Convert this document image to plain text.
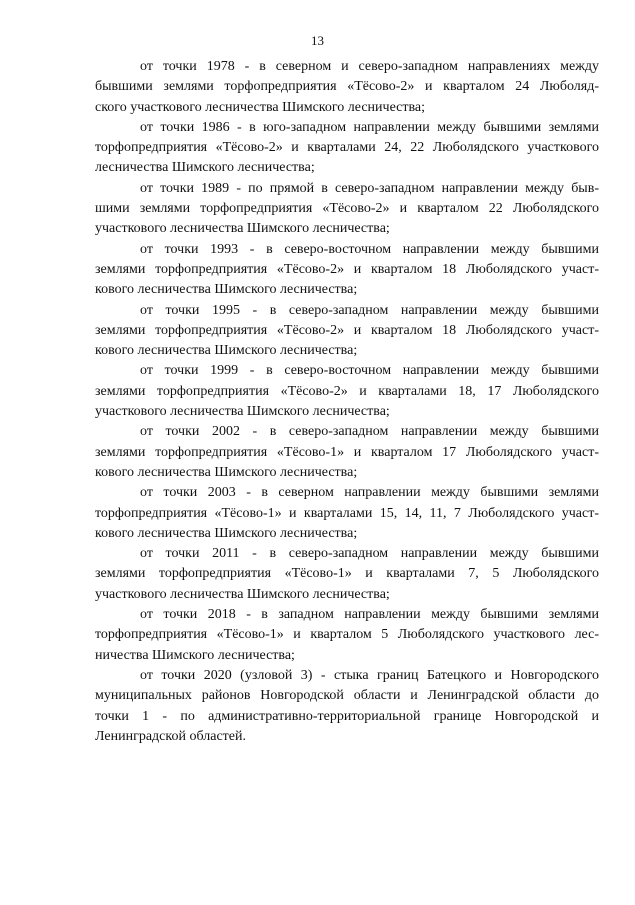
13

от точки 1978 - в северном и северо-западном направлениях между
бывшими землями торфопредприятия «Тёсово-2» и кварталом 24 Люболяд-
ского участкового лесничества Шимского лесничества;

от точки 1986 - в юго-западном направлении между бывшими землями
торфопредприятия «Тёсово-2» и кварталами 24, 22 Люболядского участкового
лесничества Шимского лесничества;

от точки 1989 - по прямой в северо-западном направлении между быв-
шими землями торфопредприятия «Тёсово-2» и кварталом 22 Люболядского
участкового лесничества Шимского лесничества;

от точки 1993 - в северо-восточном направлении между бывшими
землями торфопредприятия «Тёсово-2» и кварталом 18 Люболядского участ-
кового лесничества Шимского лесничества;

от точки 1995 - в северо-западном направлении между бывшими
землями торфопредприятия «Тёсово-2» и кварталом 18 Люболядского участ-
кового лесничества Шимского лесничества;

от точки 1999 - в северо-восточном направлении между бывшими
землями торфопредприятия «Тёсово-2» и кварталами 18, 17 Люболядского
участкового лесничества Шимского лесничества;

от точки 2002 - в северо-западном направлении между бывшими
землями торфопредприятия «Тёсово-1» и кварталом 17 Люболядского участ-
кового лесничества Шимского лесничества;

от точки 2003 - в северном направлении между бывшими землями
торфопредприятия «Тёсово-1» и кварталами 15, 14, 11, 7 Люболядского участ-
кового лесничества Шимского лесничества;

от точки 2011 - в северо-западном направлении между бывшими
землями торфопредприятия «Тёсово-1» и кварталами 7, 5 Люболядского
участкового лесничества Шимского лесничества;

от точки 2018 - в западном направлении между бывшими землями
торфопредприятия «Тёсово-1» и кварталом 5 Люболядского участкового лес-
ничества Шимского лесничества;

от точки 2020 (узловой 3) - стыка границ Батецкого и Новгородского
муниципальных районов Новгородской области и Ленинградской области до
точки 1 - по административно-территориальной границе Новгородской и
Ленинградской областей.
